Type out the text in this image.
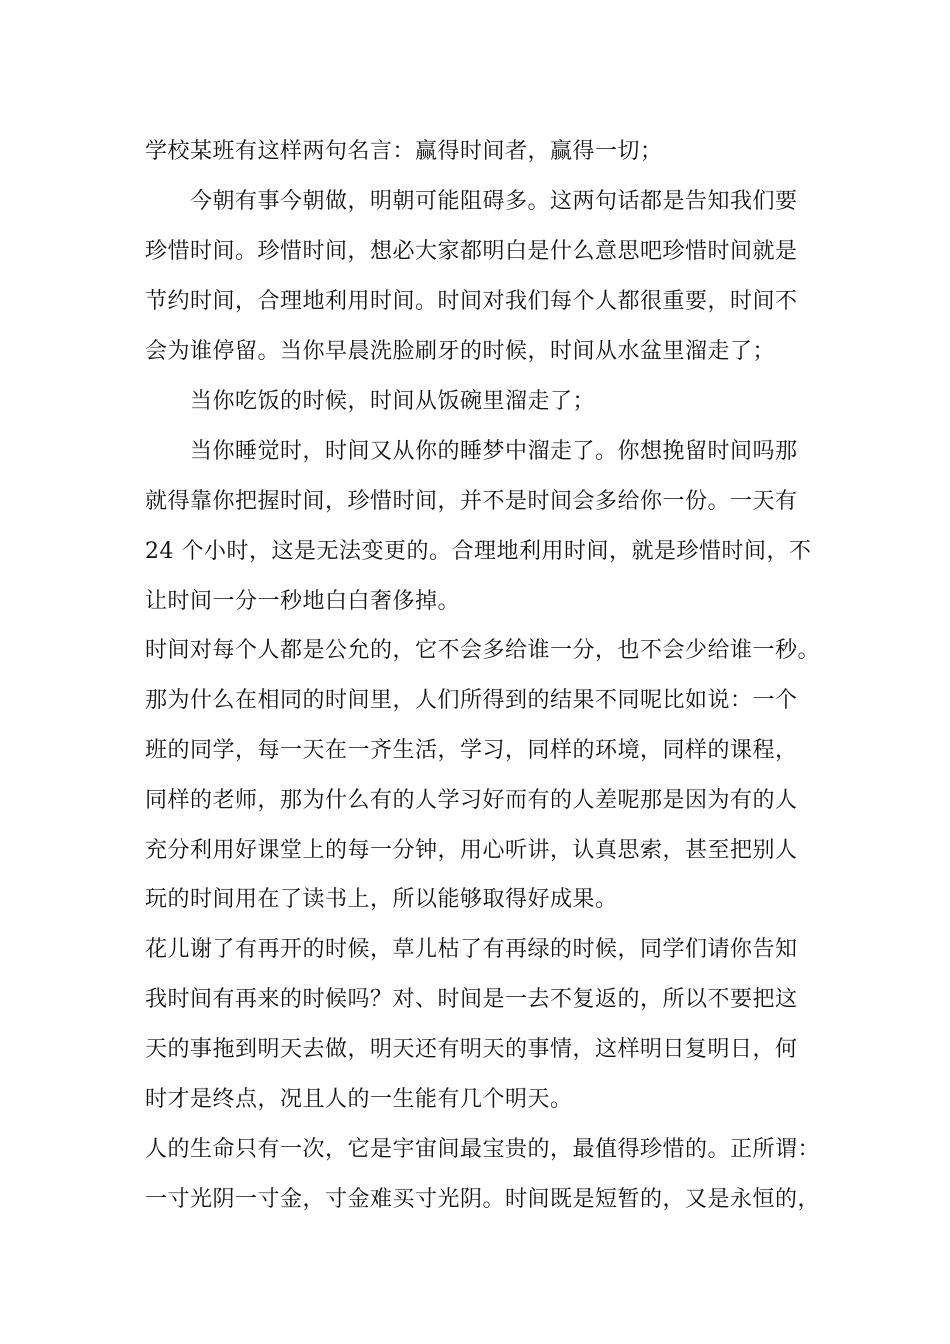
学校某班有这样两句名言：赢得时间者，赢得一切；
今朝有事今朝做，明朝可能阻碍多。这两句话都是告知我们要
珍惜时间。珍惜时间，想必大家都明白是什么意思吧珍惜时间就是
节约时间，合理地利用时间。时间对我们每个人都很重要，时间不
会为谁停留。当你早晨洗脸刷牙的时候，时间从水盆里溜走了；
当你吃饭的时候，时间从饭碗里溜走了；
当你睡觉时，时间又从你的睡梦中溜走了。你想挽留时间吗那
就得靠你把握时间，珍惜时间，并不是时间会多给你一份。一天有
24 个小时，这是无法变更的。合理地利用时间，就是珍惜时间，不
让时间一分一秒地白白奢侈掉。
时间对每个人都是公允的，它不会多给谁一分，也不会少给谁一秒。
那为什么在相同的时间里，人们所得到的结果不同呢比如说：一个
班的同学，每一天在一齐生活，学习，同样的环境，同样的课程，
同样的老师，那为什么有的人学习好而有的人差呢那是因为有的人
充分利用好课堂上的每一分钟，用心听讲，认真思索，甚至把别人
玩的时间用在了读书上，所以能够取得好成果。
花儿谢了有再开的时候，草儿枯了有再绿的时候，同学们请你告知
我时间有再来的时候吗？对、时间是一去不复返的，所以不要把这
天的事拖到明天去做，明天还有明天的事情，这样明日复明日，何
时才是终点，况且人的一生能有几个明天。
人的生命只有一次，它是宇宙间最宝贵的，最值得珍惜的。正所谓：
一寸光阴一寸金，寸金难买寸光阴。时间既是短暂的，又是永恒的，
